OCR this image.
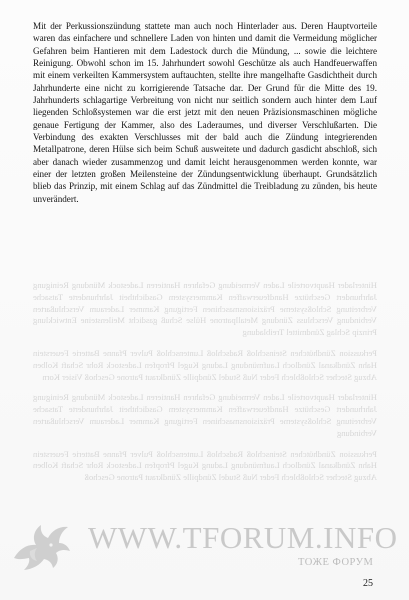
Mit der Perkussionszündung stattete man auch noch Hinterlader aus. Deren Hauptvorteile waren das einfachere und schnellere Laden von hinten und damit die Vermeidung möglicher Gefahren beim Hantieren mit dem Ladestock durch die Mündung, ... sowie die leichtere Reinigung. Obwohl schon im 15. Jahrhundert sowohl Geschütze als auch Handfeuerwaffen mit einem verkeilten Kammersystem auftauchten, stellte ihre mangelhafte Gasdichtheit durch Jahrhunderte eine nicht zu korrigierende Tatsache dar. Der Grund für die Mitte des 19. Jahrhunderts schlagartige Verbreitung von nicht nur seitlich sondern auch hinter dem Lauf liegenden Schloßsystemen war die erst jetzt mit den neuen Präzisionsmaschinen mögliche genaue Fertigung der Kammer, also des Laderaumes, und diverser Verschlußarten. Die Verbindung des exakten Verschlusses mit der bald auch die Zündung integrierenden Metallpatrone, deren Hülse sich beim Schuß ausweitete und dadurch gasdicht abschloß, sich aber danach wieder zusammenzog und damit leicht herausgenommen werden konnte, war einer der letzten großen Meilensteine der Zündungsentwicklung überhaupt. Grundsätzlich blieb das Prinzip, mit einem Schlag auf das Zündmittel die Treibladung zu zünden, bis heute unverändert.

Hinterlader Hauptvorteile Laden Vermeidung Gefahren Hantieren Ladestock Mündung Reinigung Jahrhundert Geschütze Handfeuerwaffen Kammersystem Gasdichtheit Jahrhunderte Tatsache Verbreitung Schloßsysteme Präzisionsmaschinen Fertigung Kammer Laderaum Verschlußarten Verbindung Verschluss Zündung Metallpatrone Hülse Schuß gasdicht Meilensteine Entwicklung Prinzip Schlag Zündmittel Treibladung

Perkussion Zündhütchen Steinschloß Radschloß Luntenschloß Pulver Pfanne Batterie Feuerstein Hahn Zündkanal Zündloch Laufmündung Ladung Kugel Pfropfen Ladestock Rohr Schaft Kolben Abzug Stecher Schloßblech Feder Nuß Studel Zündpille Zündkraut Patrone Geschoß Visier Korn

Hinterlader Hauptvorteile Laden Vermeidung Gefahren Hantieren Ladestock Mündung Reinigung Jahrhundert Geschütze Handfeuerwaffen Kammersystem Gasdichtheit Jahrhunderte Tatsache Verbreitung Schloßsysteme Präzisionsmaschinen Fertigung Kammer Laderaum Verschlußarten Verbindung

Perkussion Zündhütchen Steinschloß Radschloß Luntenschloß Pulver Pfanne Batterie Feuerstein Hahn Zündkanal Zündloch Laufmündung Ladung Kugel Pfropfen Ladestock Rohr Schaft Kolben Abzug Stecher Schloßblech Feder Nuß Studel Zündpille Zündkraut Patrone Geschoß

WWW.TFORUM.INFO
ТОЖЕ ФОРУМ
25
